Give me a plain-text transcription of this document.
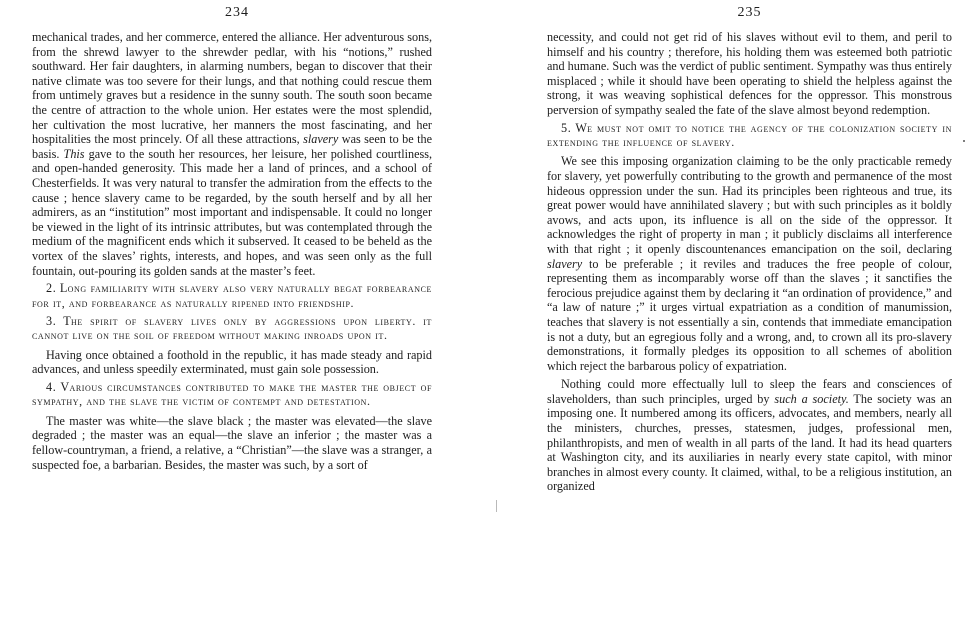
234

mechanical trades, and her commerce, entered the alliance. Her adventurous sons, from the shrewd lawyer to the shrewder pedlar, with his “notions,” rushed southward. Her fair daughters, in alarming numbers, began to discover that their native climate was too severe for their lungs, and that nothing could rescue them from untimely graves but a residence in the sunny south. The south soon became the centre of attraction to the whole union. Her estates were the most splendid, her cultivation the most lucrative, her manners the most fascinating, and her hospitalities the most princely. Of all these attractions, slavery was seen to be the basis. This gave to the south her resources, her leisure, her polished courtliness, and open-handed generosity. This made her a land of princes, and a school of Chesterfields. It was very natural to transfer the admiration from the effects to the cause ; hence slavery came to be regarded, by the south herself and by all her admirers, as an “institution” most important and indispensable. It could no longer be viewed in the light of its intrinsic attributes, but was contemplated through the medium of the magnificent ends which it subserved. It ceased to be beheld as the vortex of the slaves’ rights, interests, and hopes, and was seen only as the full fountain, out-pouring its golden sands at the master’s feet.

2. Long familiarity with slavery also very naturally begat forbearance for it, and forbearance as naturally ripened into friendship.

3. The spirit of slavery lives only by aggressions upon liberty. it cannot live on the soil of freedom without making inroads upon it.

Having once obtained a foothold in the republic, it has made steady and rapid advances, and unless speedily exterminated, must gain sole possession.

4. Various circumstances contributed to make the master the object of sympathy, and the slave the victim of contempt and detestation.

The master was white—the slave black ; the master was elevated—the slave degraded ; the master was an equal—the slave an inferior ; the master was a fellow-countryman, a friend, a relative, a “Christian”—the slave was a stranger, a suspected foe, a barbarian. Besides, the master was such, by a sort of

235

necessity, and could not get rid of his slaves without evil to them, and peril to himself and his country ; therefore, his holding them was esteemed both patriotic and humane. Such was the verdict of public sentiment. Sympathy was thus entirely misplaced ; while it should have been operating to shield the helpless against the strong, it was weaving sophistical defences for the oppressor. This monstrous perversion of sympathy sealed the fate of the slave almost beyond redemption.

5. We must not omit to notice the agency of the colonization society in extending the influence of slavery.

We see this imposing organization claiming to be the only practicable remedy for slavery, yet powerfully contributing to the growth and permanence of the most hideous oppression under the sun. Had its principles been righteous and true, its great power would have annihilated slavery ; but with such principles as it boldly avows, and acts upon, its influence is all on the side of the oppressor. It acknowledges the right of property in man ; it publicly disclaims all interference with that right ; it openly discountenances emancipation on the soil, declaring slavery to be preferable ; it reviles and traduces the free people of colour, representing them as incomparably worse off than the slaves ; it sanctifies the ferocious prejudice against them by declaring it “an ordination of providence,” and “a law of nature ;” it urges virtual expatriation as a condition of manumission, teaches that slavery is not essentially a sin, contends that immediate emancipation is not a duty, but an egregious folly and a wrong, and, to crown all its pro-slavery demonstrations, it formally pledges its opposition to all schemes of abolition which reject the barbarous policy of expatriation.

Nothing could more effectually lull to sleep the fears and consciences of slaveholders, than such principles, urged by such a society. The society was an imposing one. It numbered among its officers, advocates, and members, nearly all the ministers, churches, presses, statesmen, judges, professional men, philanthropists, and men of wealth in all parts of the land. It had its head quarters at Washington city, and its auxiliaries in nearly every state capitol, with minor branches in almost every county. It claimed, withal, to be a religious institution, an organized
